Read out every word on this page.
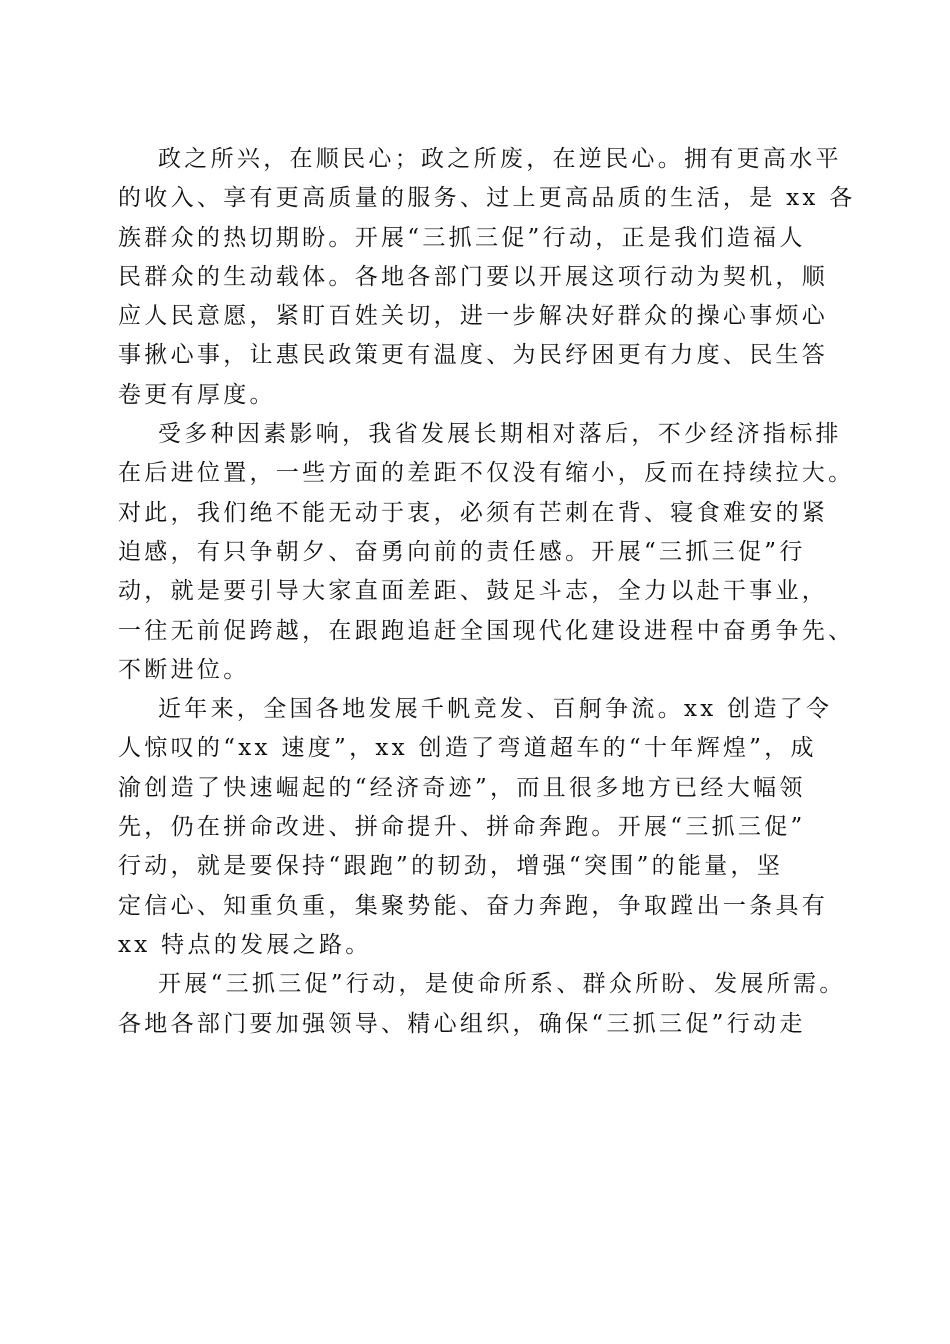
政之所兴，在顺民心；政之所废，在逆民心。拥有更高水平
的收入、享有更高质量的服务、过上更高品质的生活，是 xx 各
族群众的热切期盼。开展“三抓三促”行动，正是我们造福人
民群众的生动载体。各地各部门要以开展这项行动为契机，顺
应人民意愿，紧盯百姓关切，进一步解决好群众的操心事烦心
事揪心事，让惠民政策更有温度、为民纾困更有力度、民生答
卷更有厚度。
受多种因素影响，我省发展长期相对落后，不少经济指标排
在后进位置，一些方面的差距不仅没有缩小，反而在持续拉大。
对此，我们绝不能无动于衷，必须有芒刺在背、寝食难安的紧
迫感，有只争朝夕、奋勇向前的责任感。开展“三抓三促”行
动，就是要引导大家直面差距、鼓足斗志，全力以赴干事业，
一往无前促跨越，在跟跑追赶全国现代化建设进程中奋勇争先、
不断进位。
近年来，全国各地发展千帆竞发、百舸争流。xx 创造了令
人惊叹的“xx 速度”，xx 创造了弯道超车的“十年辉煌”，成
渝创造了快速崛起的“经济奇迹”，而且很多地方已经大幅领
先，仍在拼命改进、拼命提升、拼命奔跑。开展“三抓三促”
行动，就是要保持“跟跑”的韧劲，增强“突围”的能量，坚
定信心、知重负重，集聚势能、奋力奔跑，争取蹚出一条具有
xx 特点的发展之路。
开展“三抓三促”行动，是使命所系、群众所盼、发展所需。
各地各部门要加强领导、精心组织，确保“三抓三促”行动走
